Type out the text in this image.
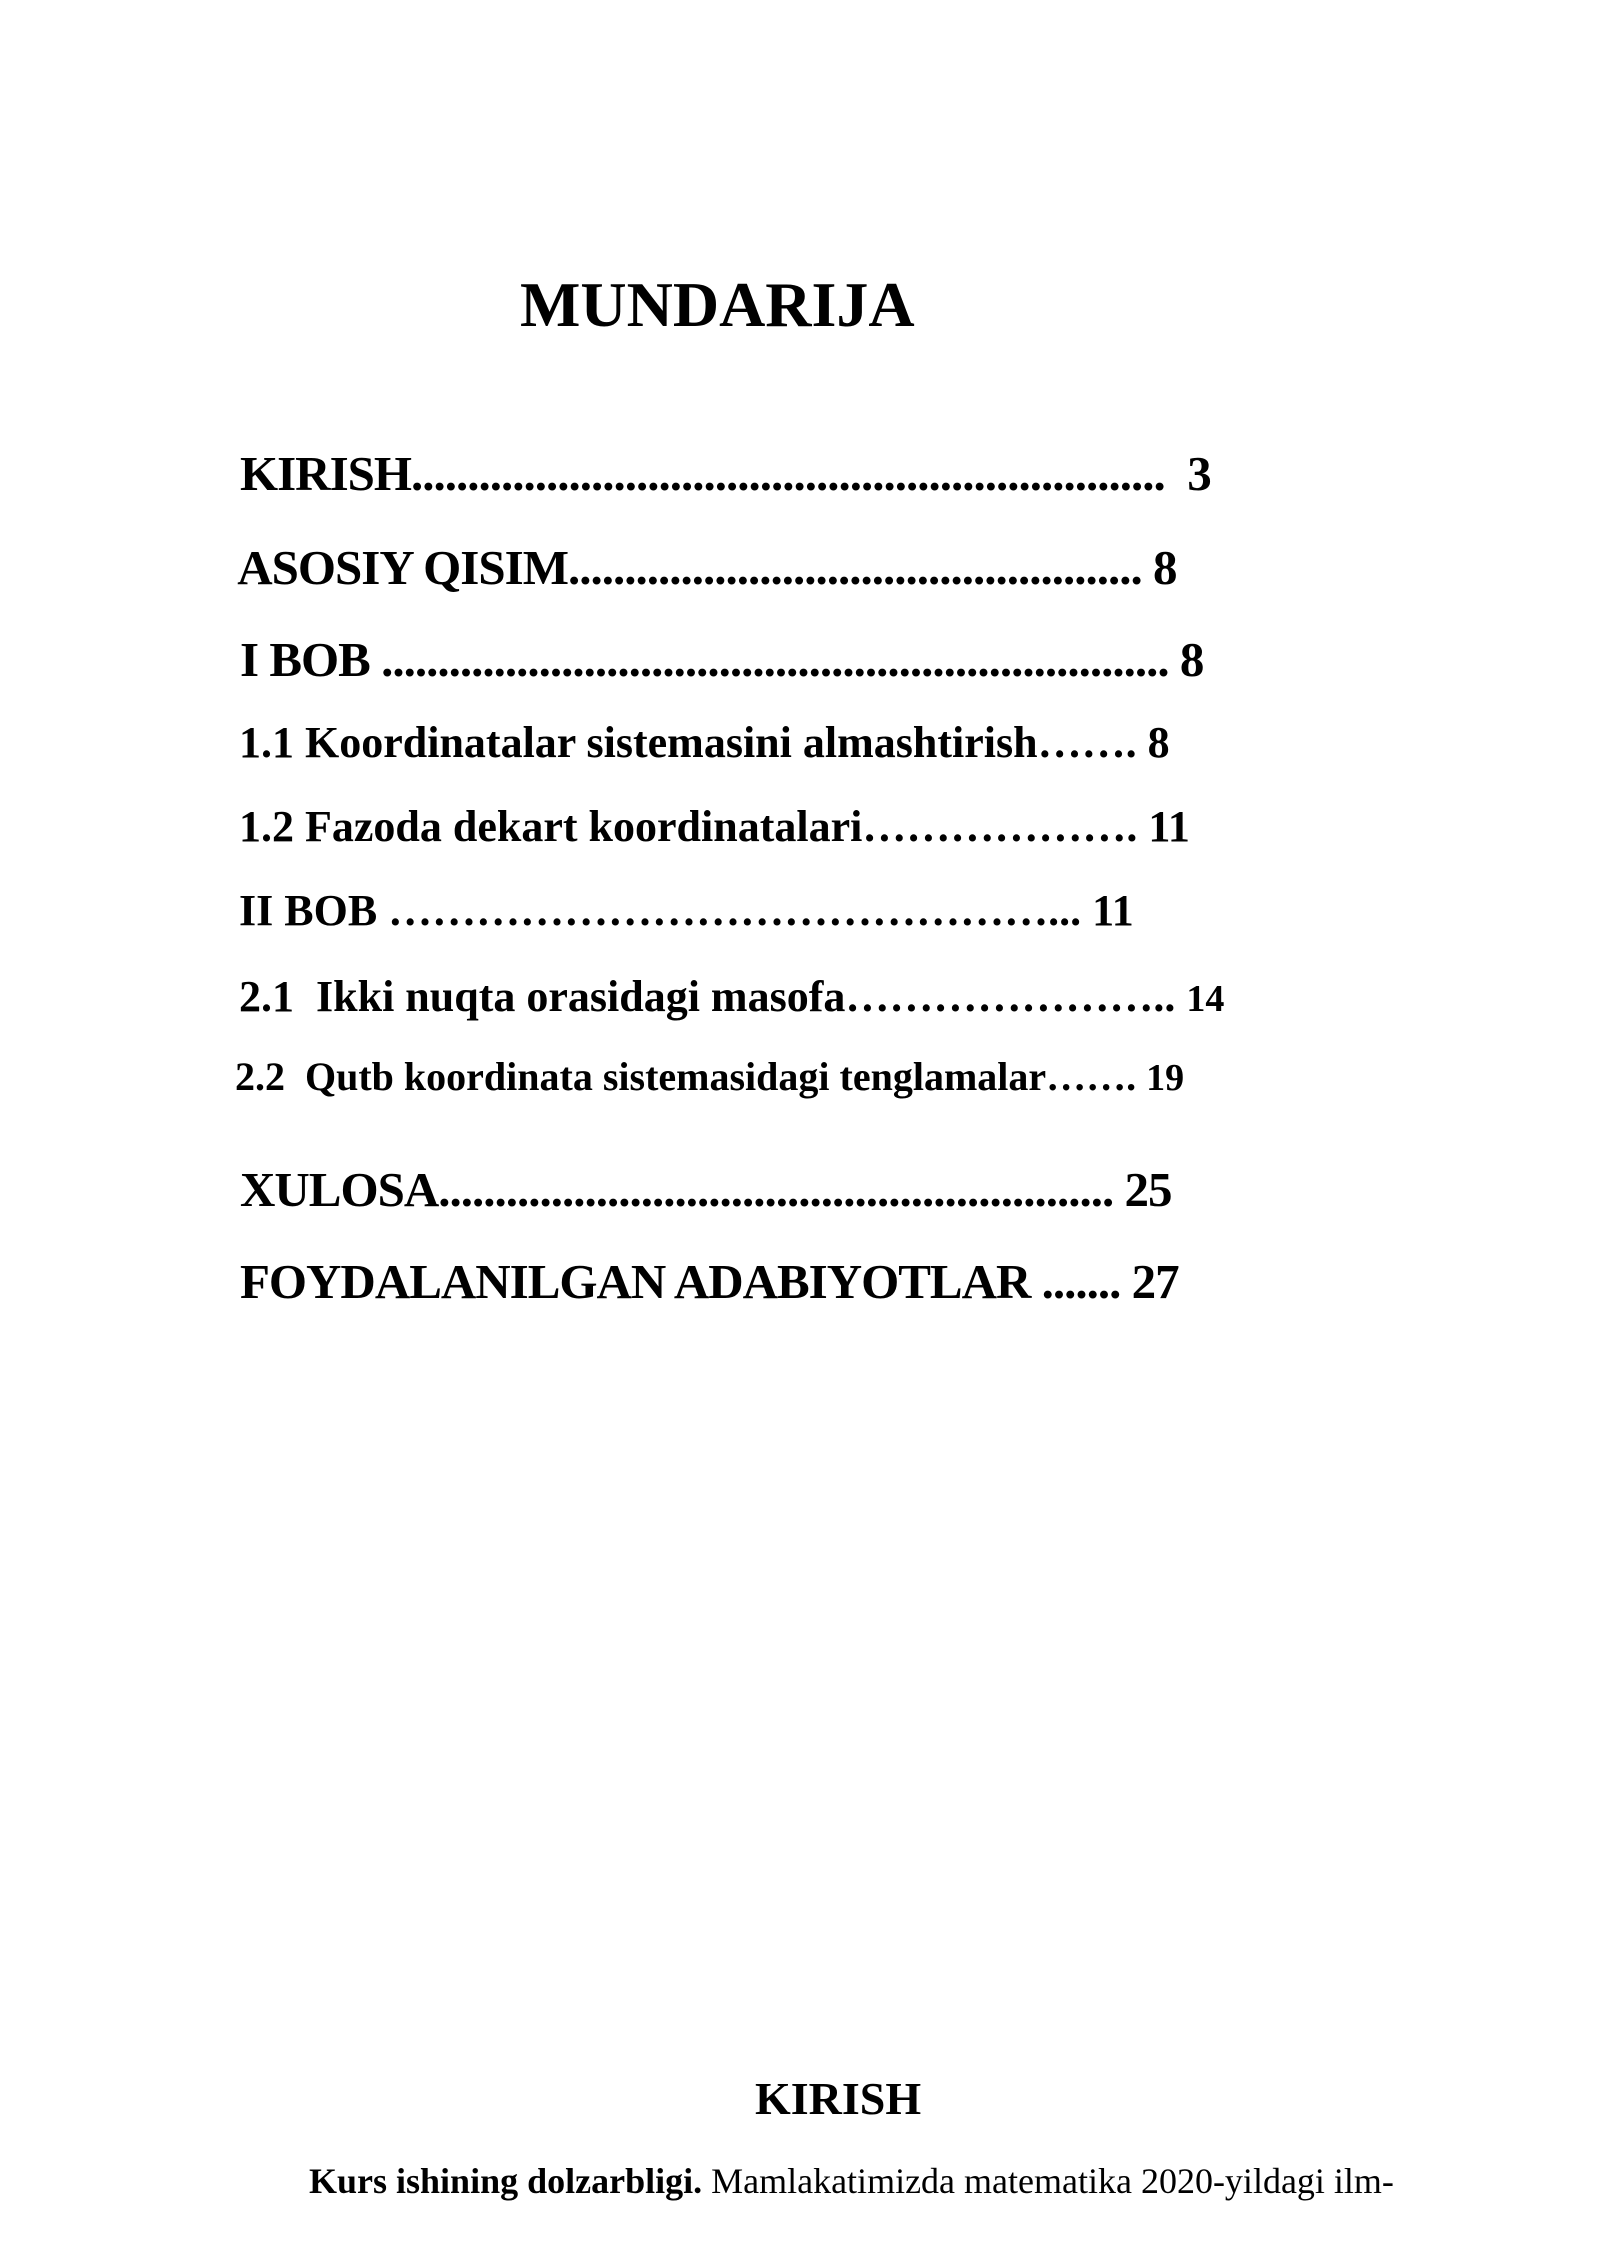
MUNDARIJA

KIRISH................................................................... 3

ASOSIY QISIM................................................... 8

I BOB ...................................................................... 8

1.1 Koordinatalar sistemasini almashtirish……. 8

1.2 Fazoda dekart koordinatalari………………. 11

II BOB ………………………………………... 11

2.1  Ikki nuqta orasidagi masofa………………….. 14

2.2  Qutb koordinata sistemasidagi tenglamalar……. 19

XULOSA............................................................ 25

FOYDALANILGAN ADABIYOTLAR ....... 27

KIRISH
Kurs ishining dolzarbligi. Mamlakatimizda matematika 2020-yildagi ilm-
